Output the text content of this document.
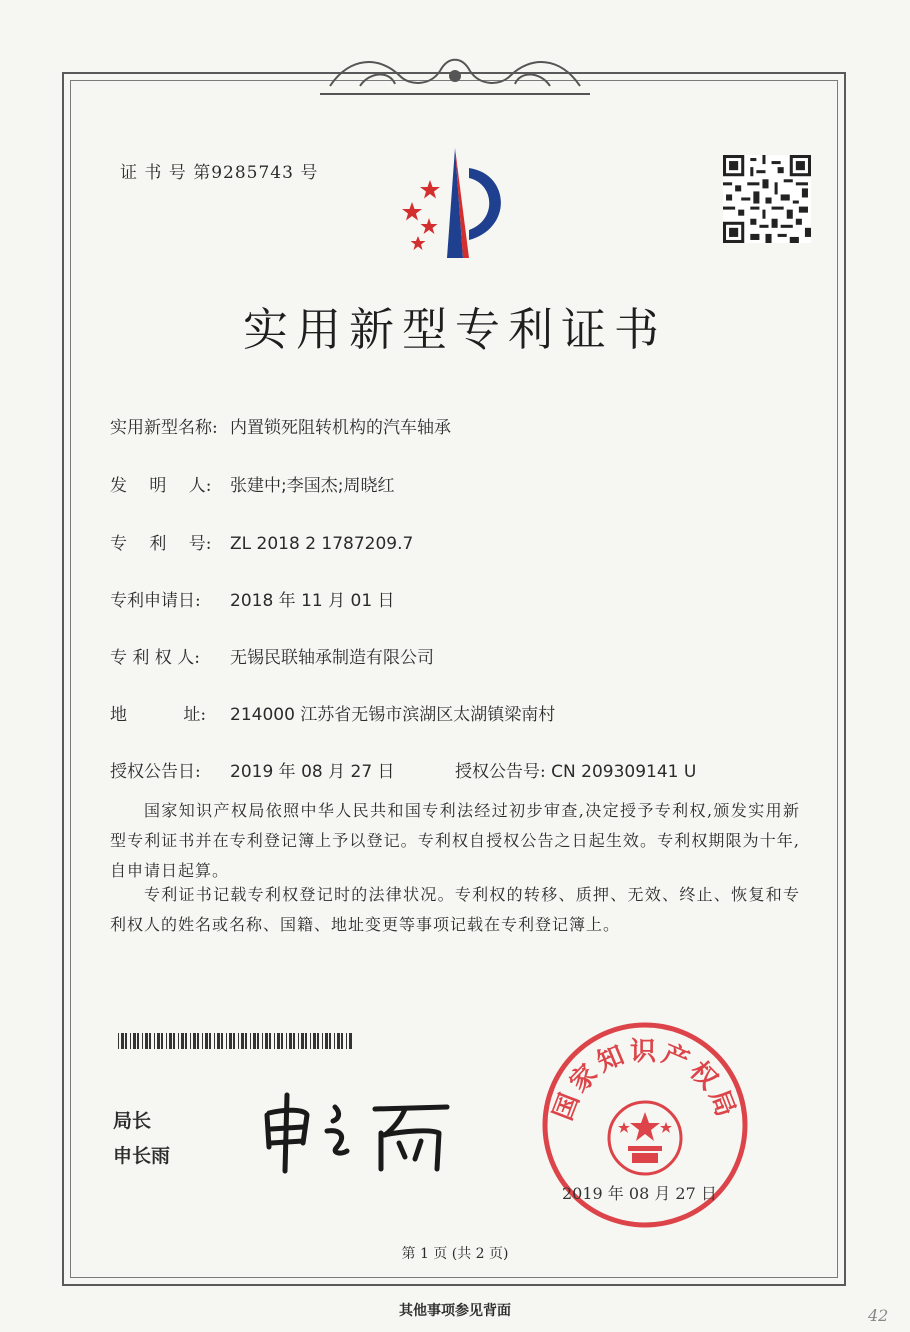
证 书 号 第9285743 号
实用新型专利证书
实用新型名称: 内置锁死阻转机构的汽车轴承
发　 明　 人: 张建中;李国杰;周晓红
专　 利　 号: ZL 2018 2 1787209.7
专利申请日: 2018 年 11 月 01 日
专 利 权 人: 无锡民联轴承制造有限公司
地　　　 址: 214000 江苏省无锡市滨湖区太湖镇梁南村
授权公告日: 2019 年 08 月 27 日	授权公告号: CN 209309141 U
国家知识产权局依照中华人民共和国专利法经过初步审查,决定授予专利权,颁发实用新型专利证书并在专利登记簿上予以登记。专利权自授权公告之日起生效。专利权期限为十年,自申请日起算。
专利证书记载专利权登记时的法律状况。专利权的转移、质押、无效、终止、恢复和专利权人的姓名或名称、国籍、地址变更等事项记载在专利登记簿上。
局长
申长雨
国家知识产权局
2019 年 08 月 27 日
第 1 页 (共 2 页)
其他事项参见背面	42
